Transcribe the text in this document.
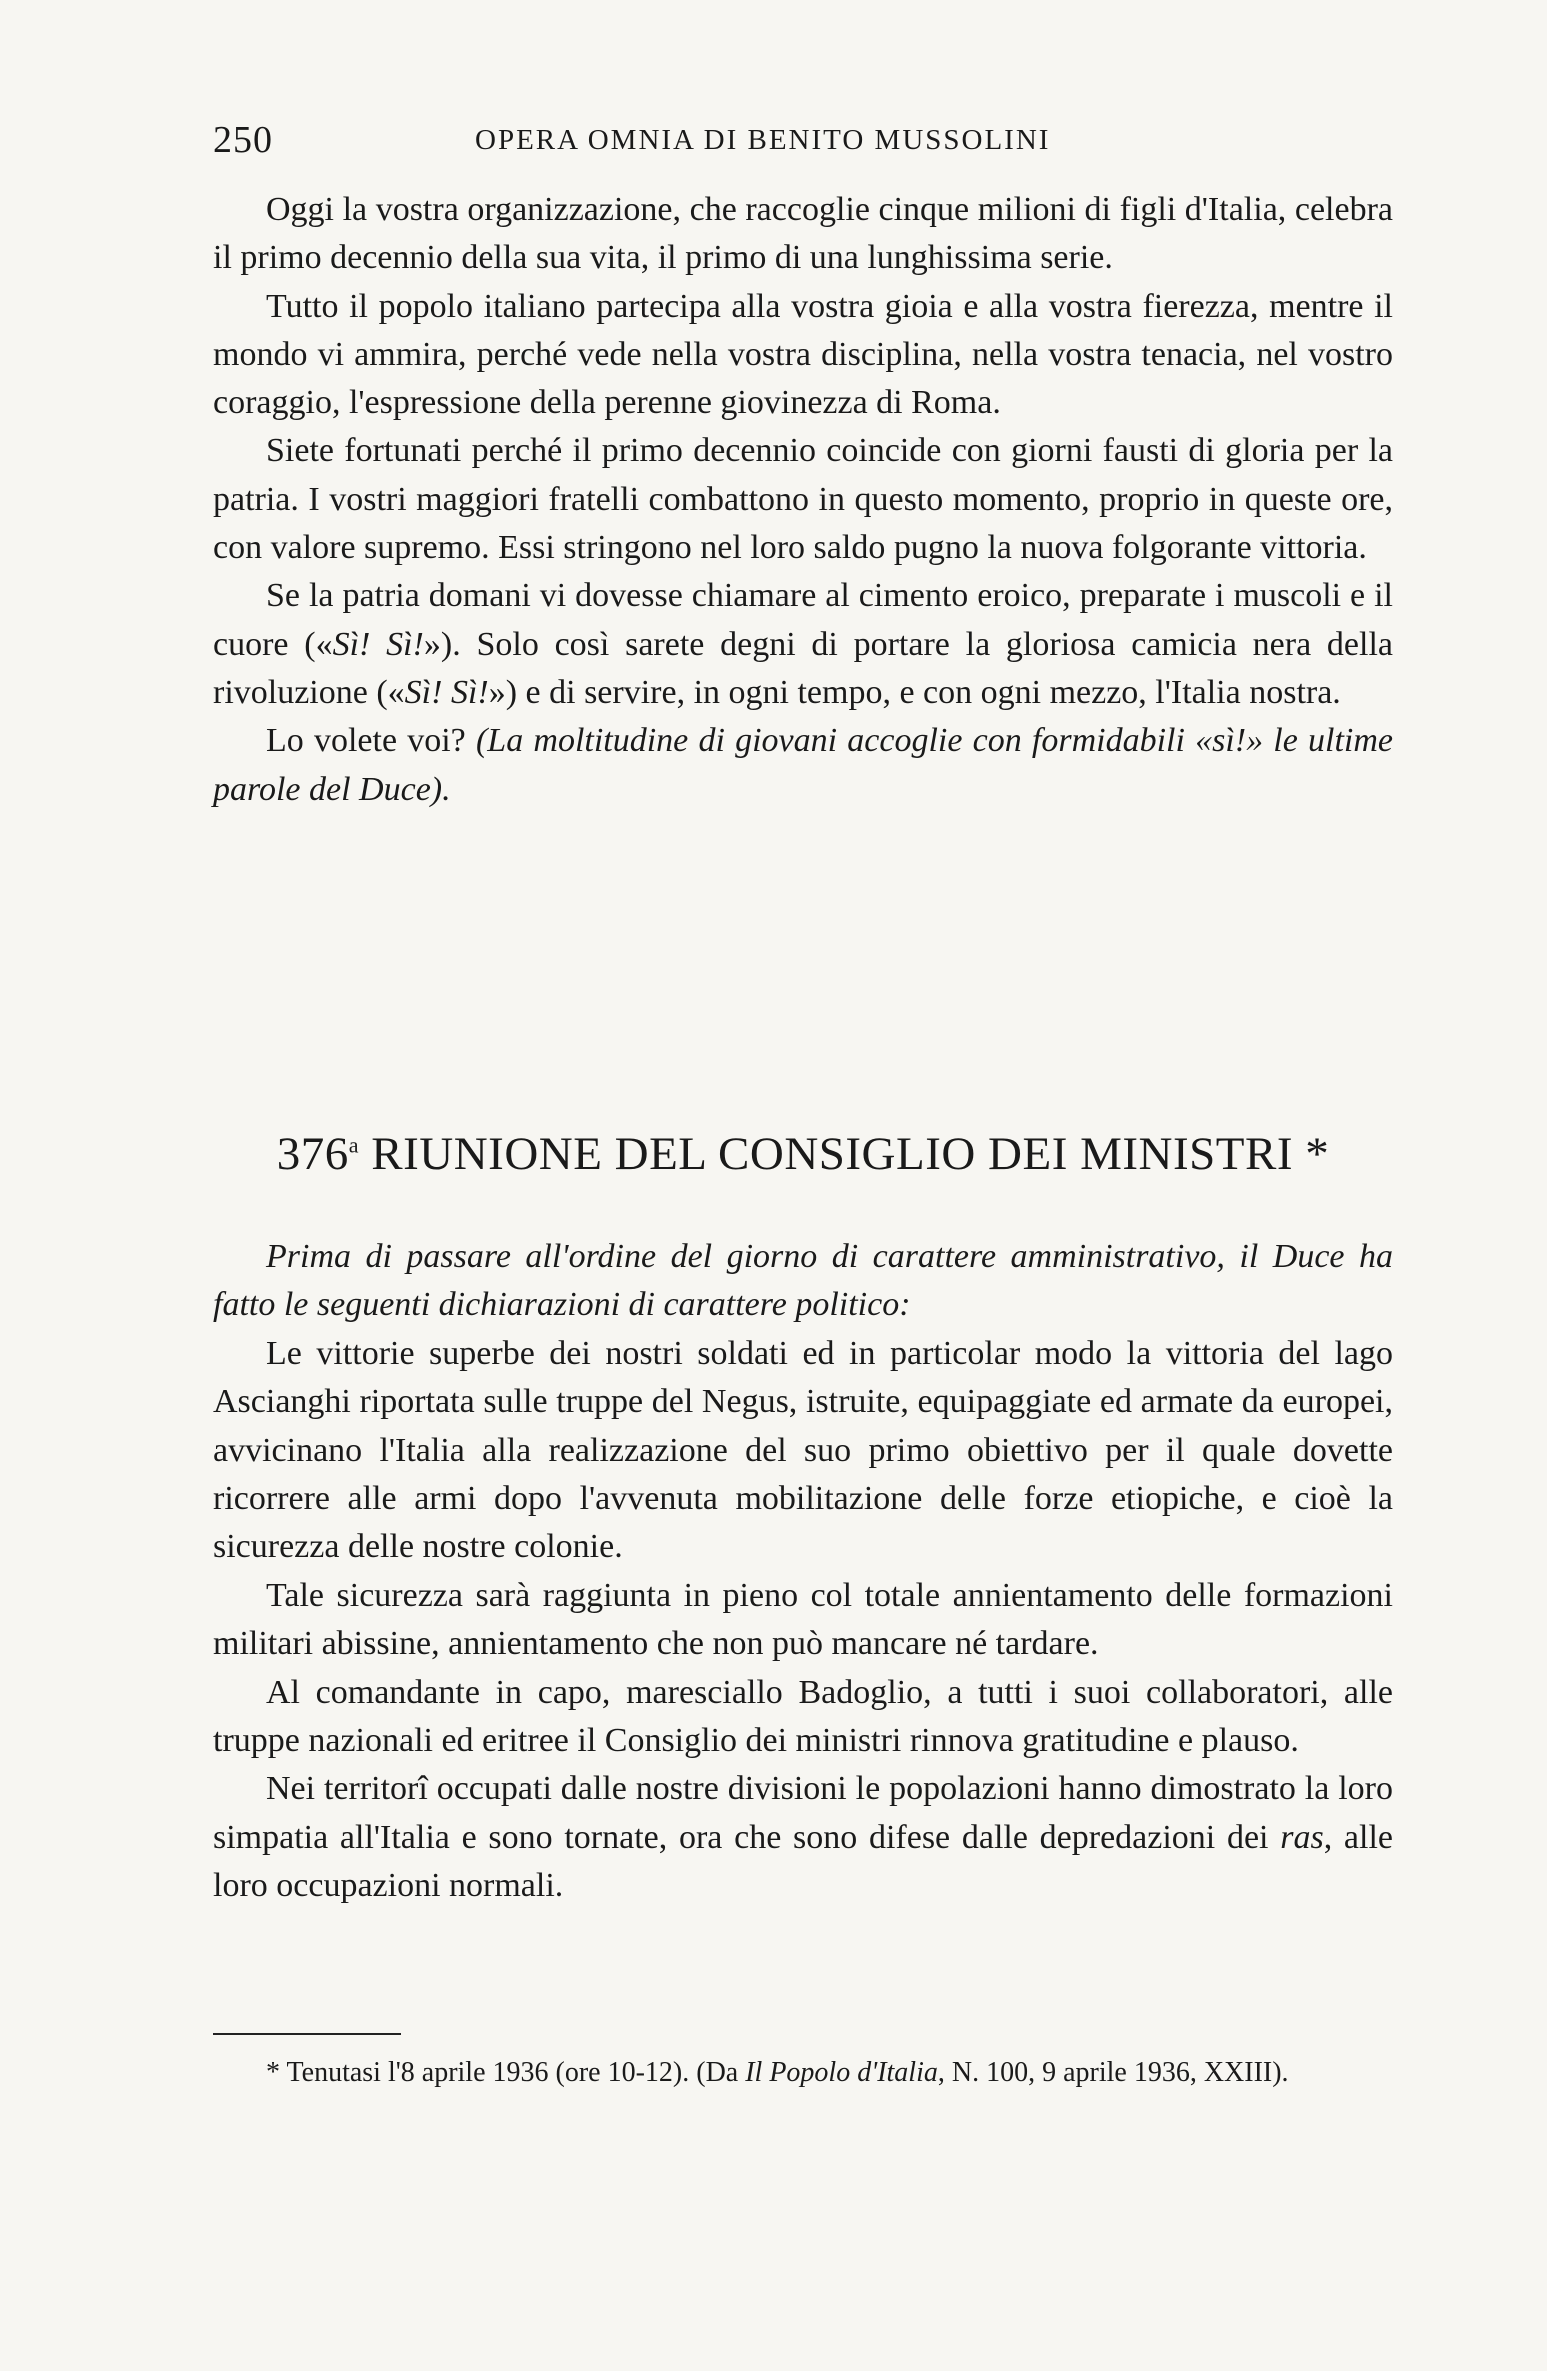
250	OPERA OMNIA DI BENITO MUSSOLINI

Oggi la vostra organizzazione, che raccoglie cinque milioni di figli d'Italia, celebra il primo decennio della sua vita, il primo di una lunghissima serie.

Tutto il popolo italiano partecipa alla vostra gioia e alla vostra fierezza, mentre il mondo vi ammira, perché vede nella vostra disciplina, nella vostra tenacia, nel vostro coraggio, l'espressione della perenne giovinezza di Roma.

Siete fortunati perché il primo decennio coincide con giorni fausti di gloria per la patria. I vostri maggiori fratelli combattono in questo momento, proprio in queste ore, con valore supremo. Essi stringono nel loro saldo pugno la nuova folgorante vittoria.

Se la patria domani vi dovesse chiamare al cimento eroico, preparate i muscoli e il cuore («Sì! Sì!»). Solo così sarete degni di portare la gloriosa camicia nera della rivoluzione («Sì! Sì!») e di servire, in ogni tempo, e con ogni mezzo, l'Italia nostra.

Lo volete voi? (La moltitudine di giovani accoglie con formidabili «sì!» le ultime parole del Duce).

376$^a$ RIUNIONE DEL CONSIGLIO DEI MINISTRI *

Prima di passare all'ordine del giorno di carattere amministrativo, il Duce ha fatto le seguenti dichiarazioni di carattere politico:

Le vittorie superbe dei nostri soldati ed in particolar modo la vittoria del lago Ascianghi riportata sulle truppe del Negus, istruite, equipaggiate ed armate da europei, avvicinano l'Italia alla realizzazione del suo primo obiettivo per il quale dovette ricorrere alle armi dopo l'avvenuta mobilitazione delle forze etiopiche, e cioè la sicurezza delle nostre colonie.

Tale sicurezza sarà raggiunta in pieno col totale annientamento delle formazioni militari abissine, annientamento che non può mancare né tardare.

Al comandante in capo, maresciallo Badoglio, a tutti i suoi collaboratori, alle truppe nazionali ed eritree il Consiglio dei ministri rinnova gratitudine e plauso.

Nei territorî occupati dalle nostre divisioni le popolazioni hanno dimostrato la loro simpatia all'Italia e sono tornate, ora che sono difese dalle depredazioni dei ras, alle loro occupazioni normali.

* Tenutasi l'8 aprile 1936 (ore 10-12). (Da Il Popolo d'Italia, N. 100, 9 aprile 1936, XXIII).
